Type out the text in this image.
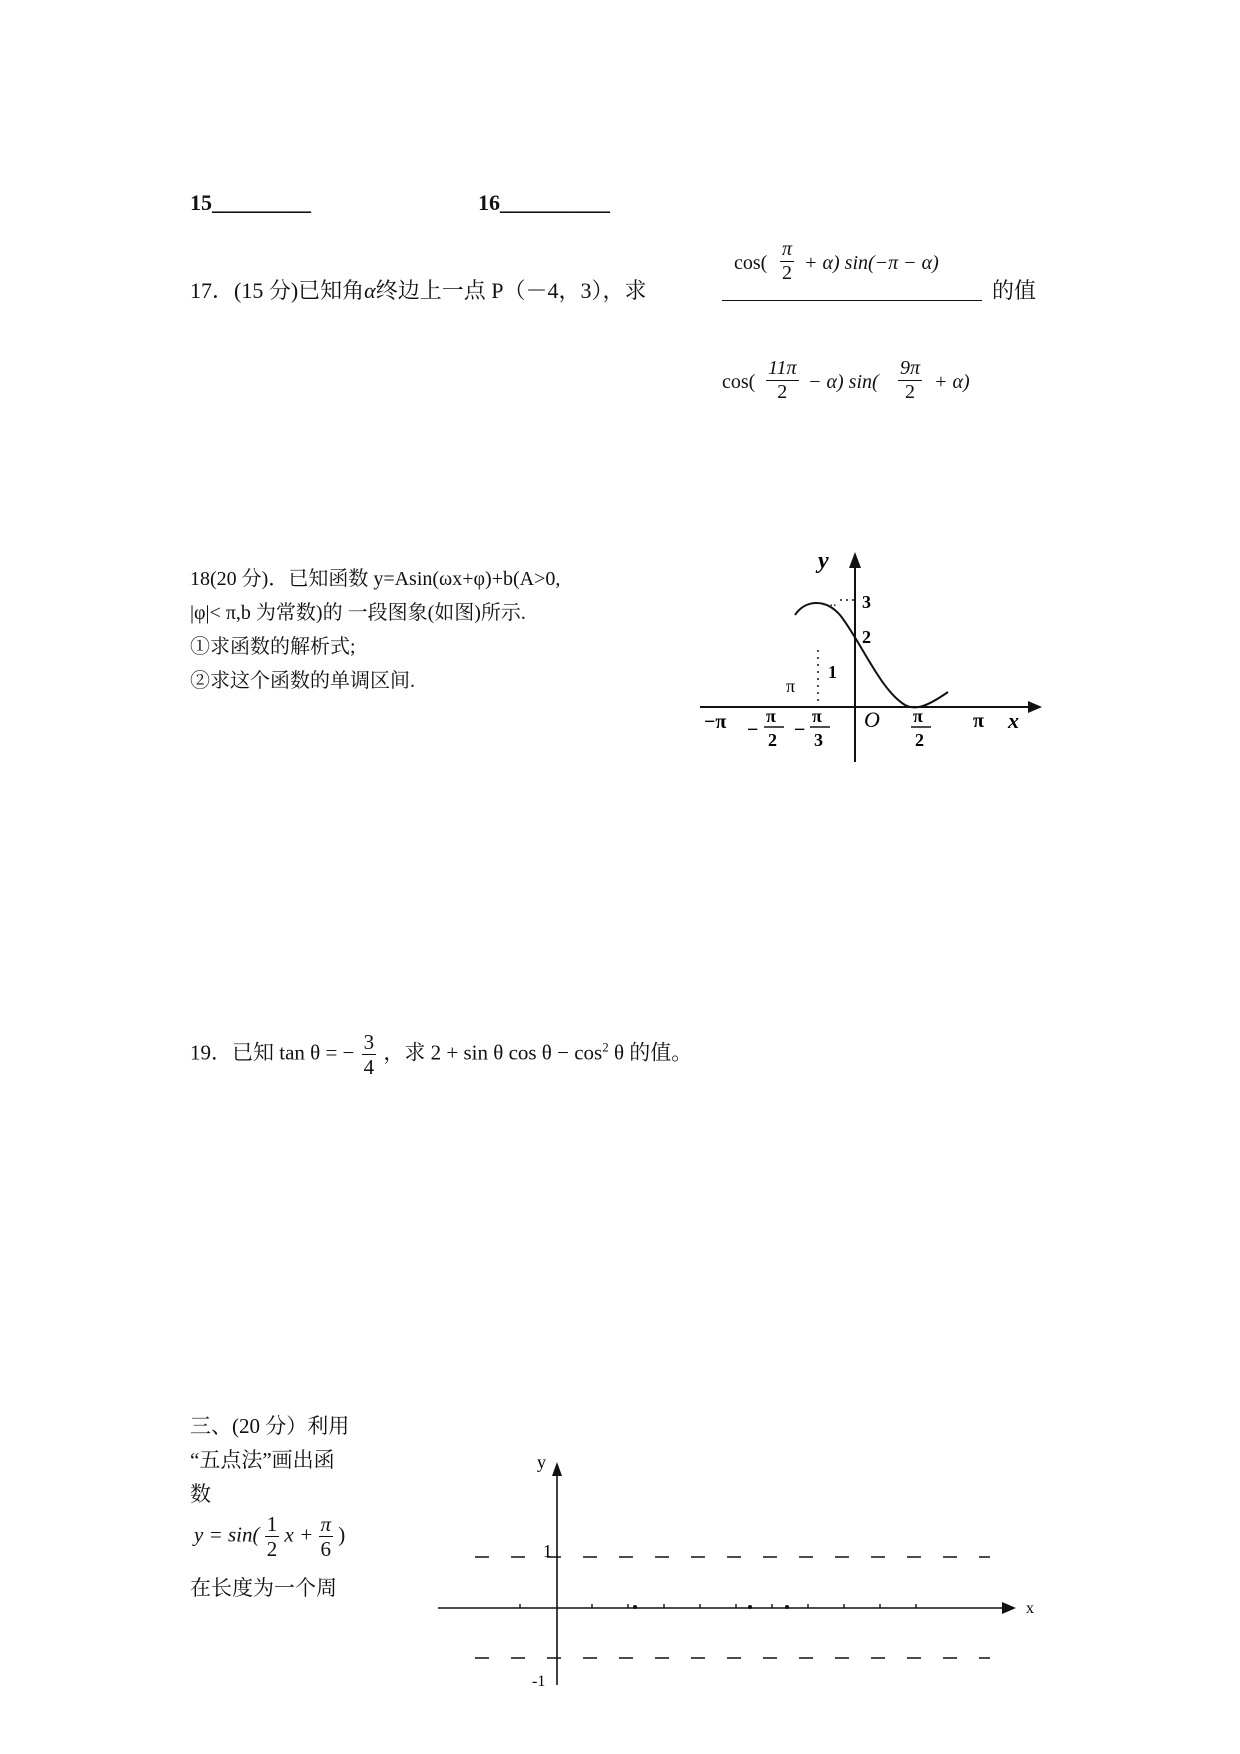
15_________	16__________
17．(15 分)已知角α终边上一点 P（－4，3），求
$\cos( \frac{\pi}{2} + \alpha)$ sin(−π − α)
$\cos( \frac{11\pi}{2} - \alpha)$ $\sin( \frac{9\pi}{2} + \alpha)$
的值
18(20 分)．已知函数 y=Asin(ωx+φ)+b(A>0,
|φ|< π,b 为常数)的 一段图象(如图)所示.
①求函数的解析式;
②求这个函数的单调区间.
y
3
...
2
1
π
−π −
π
2 −
π
3
O π
2
π x
19．已知 tan θ = − $\frac{3}{4}$ ，求 2 + sin θ $\cos \theta - \cos^2 \theta$ 的值。
三、(20 分）利用
“五点法”画出函
数
$y = \sin( \frac{1}{2}$ $x + \frac{\pi}{6}$ )
在长度为一个周
y
x
1
-1
